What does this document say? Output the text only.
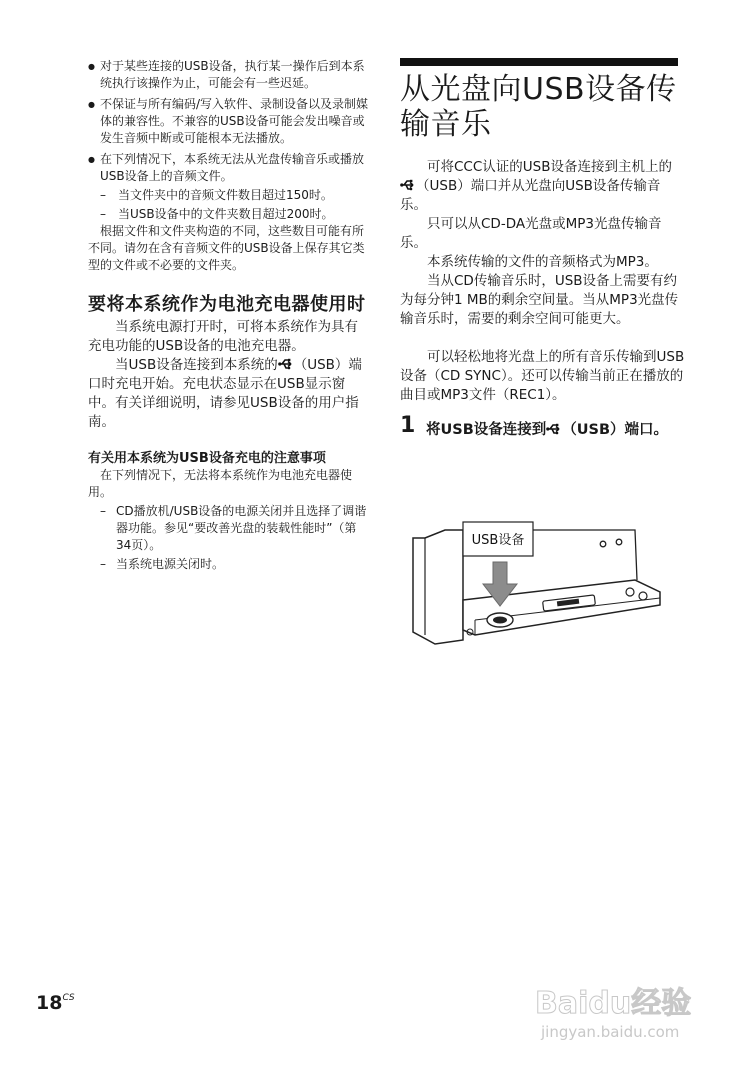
● 对于某些连接的USB设备，执行某一操作后到本系统执行该操作为止，可能会有一些迟延。

● 不保证与所有编码/写入软件、录制设备以及录制媒体的兼容性。不兼容的USB设备可能会发出噪音或发生音频中断或可能根本无法播放。

● 在下列情况下，本系统无法从光盘传输音乐或播放USB设备上的音频文件。

– 当文件夹中的音频文件数目超过150时。

– 当USB设备中的文件夹数目超过200时。

根据文件和文件夹构造的不同，这些数目可能有所不同。请勿在含有音频文件的USB设备上保存其它类型的文件或不必要的文件夹。

要将本系统作为电池充电器使用时

当系统电源打开时，可将本系统作为具有充电功能的USB设备的电池充电器。

当USB设备连接到本系统的 （USB）端口时充电开始。充电状态显示在USB显示窗中。有关详细说明，请参见USB设备的用户指南。

有关用本系统为USB设备充电的注意事项

在下列情况下，无法将本系统作为电池充电器使用。

– CD播放机/USB设备的电源关闭并且选择了调谐器功能。参见“要改善光盘的装载性能时”（第34页）。

– 当系统电源关闭时。

从光盘向USB设备传输音乐

可将CCC认证的USB设备连接到主机上的（USB）端口并从光盘向USB设备传输音乐。

只可以从CD-DA光盘或MP3光盘传输音乐。

本系统传输的文件的音频格式为MP3。

当从CD传输音乐时，USB设备上需要有约为每分钟1 MB的剩余空间量。当从MP3光盘传输音乐时，需要的剩余空间可能更大。

可以轻松地将光盘上的所有音乐传输到USB设备（CD SYNC）。还可以传输当前正在播放的曲目或MP3文件（REC1）。

1 将USB设备连接到 （USB）端口。
USB设备
$18^{CS}$	Baidu经验
jingyan.baidu.com
